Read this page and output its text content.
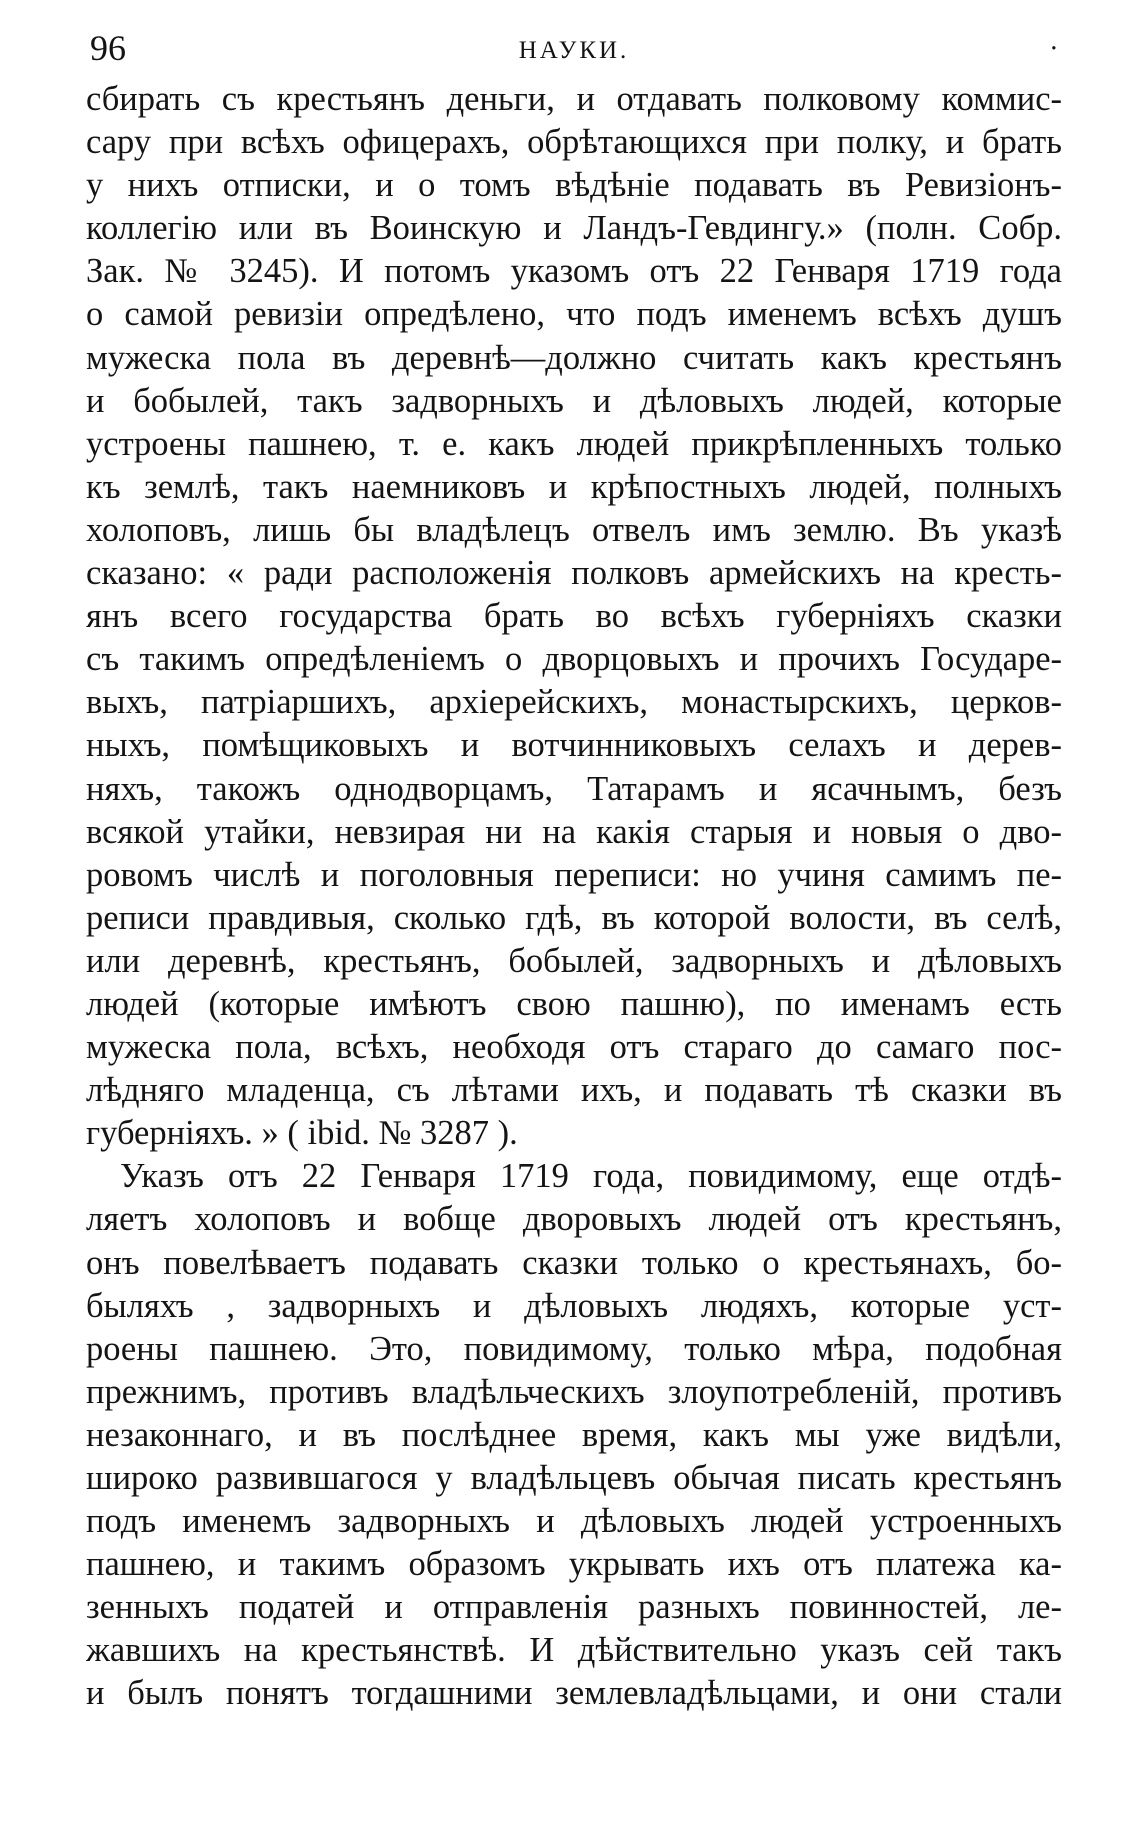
96	НАУКИ.	·

сбирать съ крестьянъ деньги, и отдавать полковому коммис-
сару при всѣхъ офицерахъ, обрѣтающихся при полку, и брать
у нихъ отписки, и о томъ вѣдѣніе подавать въ Ревизіонъ-
коллегію или въ Воинскую и Ландъ-Гевдингу.» (полн. Собр.
Зак. № 3245). И потомъ указомъ отъ 22 Генваря 1719 года
о самой ревизіи опредѣлено, что подъ именемъ всѣхъ душъ
мужеска пола въ деревнѣ—должно считать какъ крестьянъ
и бобылей, такъ задворныхъ и дѣловыхъ людей, которые
устроены пашнею, т. е. какъ людей прикрѣпленныхъ только
къ землѣ, такъ наемниковъ и крѣпостныхъ людей, полныхъ
холоповъ, лишь бы владѣлецъ отвелъ имъ землю. Въ указѣ
сказано: « ради расположенія полковъ армейскихъ на кресть-
янъ всего государства брать во всѣхъ губерніяхъ сказки
съ такимъ опредѣленіемъ о дворцовыхъ и прочихъ Государе-
выхъ, патріаршихъ, архіерейскихъ, монастырскихъ, церков-
ныхъ, помѣщиковыхъ и вотчинниковыхъ селахъ и дерев-
няхъ, такожъ однодворцамъ, Татарамъ и ясачнымъ, безъ
всякой утайки, невзирая ни на какія старыя и новыя о дво-
ровомъ числѣ и поголовныя переписи: но учиня самимъ пе-
реписи правдивыя, сколько гдѣ, въ которой волости, въ селѣ,
или деревнѣ, крестьянъ, бобылей, задворныхъ и дѣловыхъ
людей (которые имѣютъ свою пашню), по именамъ есть
мужеска пола, всѣхъ, необходя отъ стараго до самаго пос-
лѣдняго младенца, съ лѣтами ихъ, и подавать тѣ сказки въ
губерніяхъ. » ( ibid. № 3287 ).

Указъ отъ 22 Генваря 1719 года, повидимому, еще отдѣ-
ляетъ холоповъ и вобще дворовыхъ людей отъ крестьянъ,
онъ повелѣваетъ подавать сказки только о крестьянахъ, бо-
быляхъ , задворныхъ и дѣловыхъ людяхъ, которые уст-
роены пашнею. Это, повидимому, только мѣра, подобная
прежнимъ, противъ владѣльческихъ злоупотребленій, противъ
незаконнаго, и въ послѣднее время, какъ мы уже видѣли,
широко развившагося у владѣльцевъ обычая писать крестьянъ
подъ именемъ задворныхъ и дѣловыхъ людей устроенныхъ
пашнею, и такимъ образомъ укрывать ихъ отъ платежа ка-
зенныхъ податей и отправленія разныхъ повинностей, ле-
жавшихъ на крестьянствѣ. И дѣйствительно указъ сей такъ
и былъ понятъ тогдашними землевладѣльцами, и они стали
